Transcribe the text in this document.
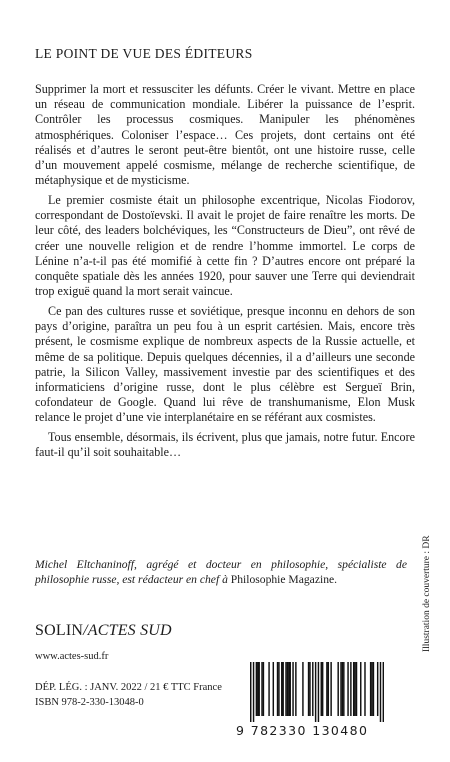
LE POINT DE VUE DES ÉDITEURS

Supprimer la mort et ressusciter les défunts. Créer le vivant. Mettre en place un réseau de communication mondiale. Libérer la puissance de l’esprit. Contrôler les processus cosmiques. Manipuler les phénomènes atmosphériques. Coloniser l’espace… Ces projets, dont certains ont été réalisés et d’autres le seront peut-être bientôt, ont une histoire russe, celle d’un mouvement appelé cosmisme, mélange de recherche scientifique, de métaphysique et de mysticisme.

Le premier cosmiste était un philosophe excentrique, Nicolas Fiodorov, correspondant de Dostoïevski. Il avait le projet de faire renaître les morts. De leur côté, des leaders bolchéviques, les “Constructeurs de Dieu”, ont rêvé de créer une nouvelle religion et de rendre l’homme immortel. Le corps de Lénine n’a-t-il pas été momifié à cette fin ? D’autres encore ont préparé la conquête spatiale dès les années 1920, pour sauver une Terre qui deviendrait trop exiguë quand la mort serait vaincue.

Ce pan des cultures russe et soviétique, presque inconnu en dehors de son pays d’origine, paraîtra un peu fou à un esprit cartésien. Mais, encore très présent, le cosmisme explique de nombreux aspects de la Russie actuelle, et même de sa politique. Depuis quelques décennies, il a d’ailleurs une seconde patrie, la Silicon Valley, massivement investie par des scientifiques et des informaticiens d’origine russe, dont le plus célèbre est Sergueï Brin, cofondateur de Google. Quand lui rêve de transhumanisme, Elon Musk relance le projet d’une vie interplanétaire en se référant aux cosmistes.

Tous ensemble, désormais, ils écrivent, plus que jamais, notre futur. Encore faut-il qu’il soit souhaitable…

Michel Eltchaninoff, agrégé et docteur en philosophie, spécialiste de philosophie russe, est rédacteur en chef à Philosophie Magazine.

SOLIN/ACTES SUD
www.actes-sud.fr
DÉP. LÉG. : JANV. 2022 / 21 € TTC France
ISBN 978-2-330-13048-0
9 782330 130480
Illustration de couverture : DR
